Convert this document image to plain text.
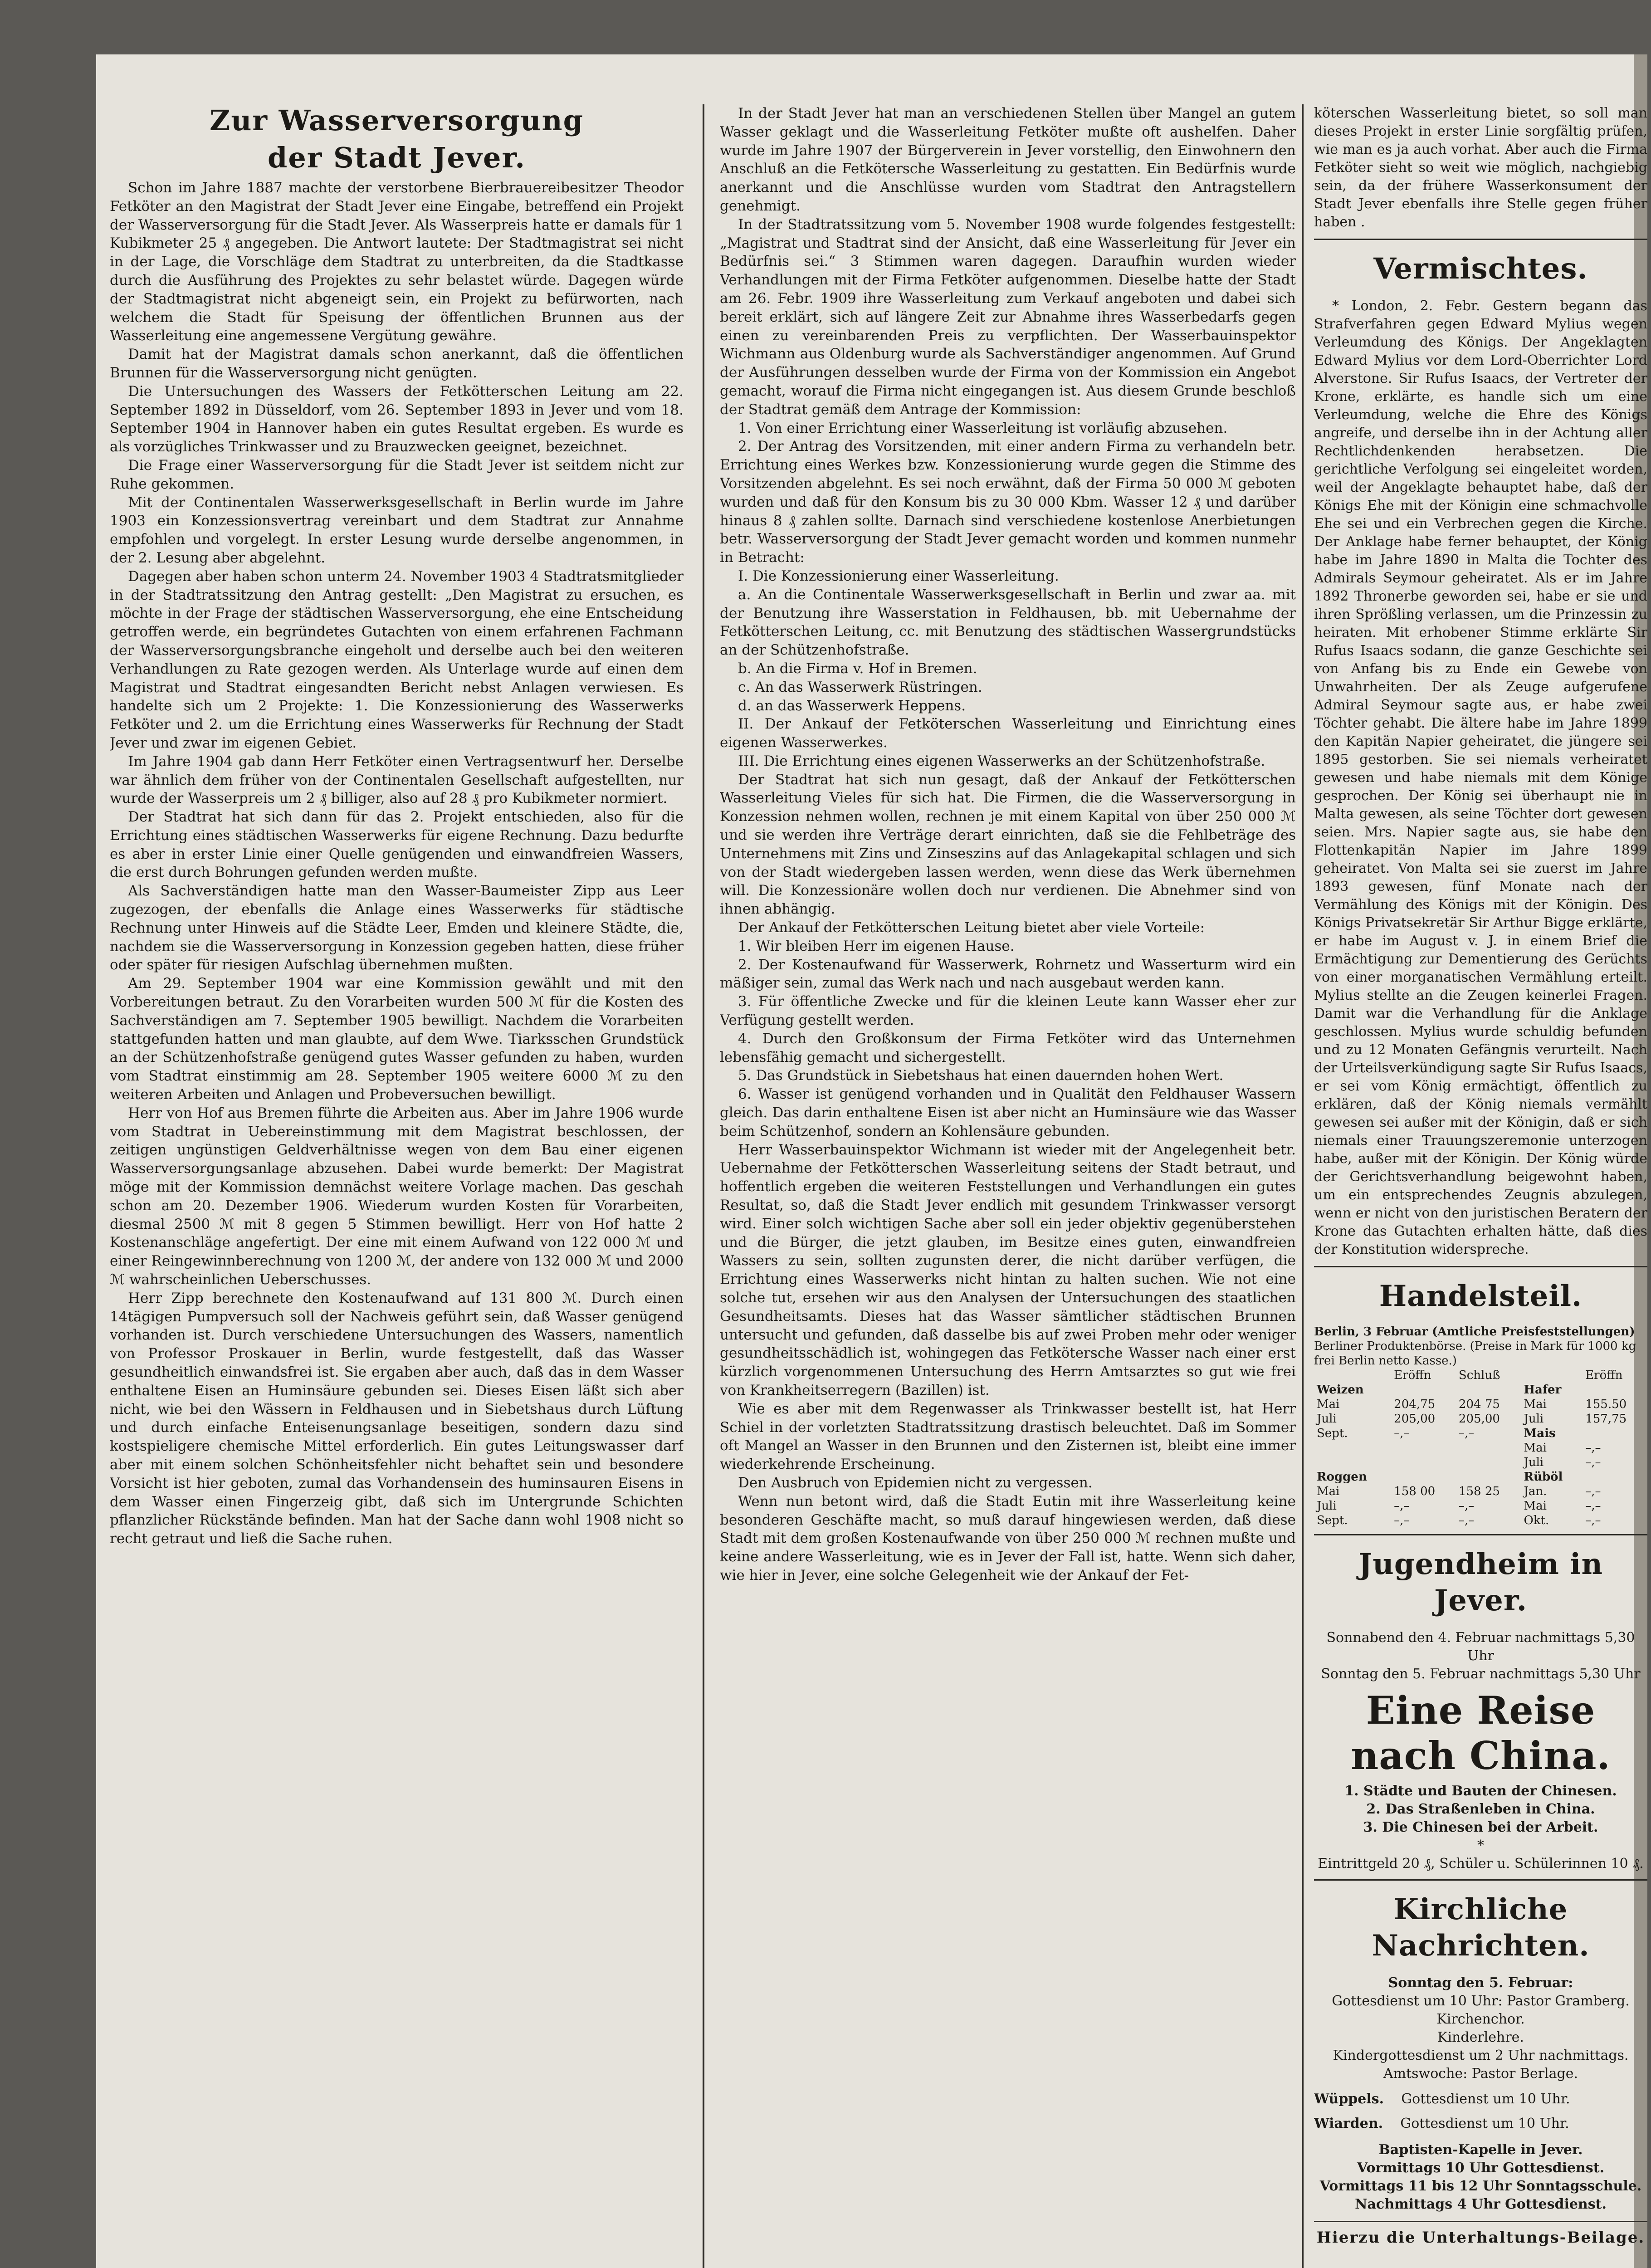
Zur Wasserversorgung
der Stadt Jever.

Schon im Jahre 1887 machte der verstorbene Bierbrauereibesitzer Theodor Fetköter an den Magistrat der Stadt Jever eine Eingabe, betreffend ein Projekt der Wasserversorgung für die Stadt Jever. Als Wasserpreis hatte er damals für 1 Kubikmeter 25 ₰ angegeben. Die Antwort lautete: Der Stadtmagistrat sei nicht in der Lage, die Vorschläge dem Stadtrat zu unterbreiten, da die Stadtkasse durch die Ausführung des Projektes zu sehr belastet würde. Dagegen würde der Stadtmagistrat nicht abgeneigt sein, ein Projekt zu befürworten, nach welchem die Stadt für Speisung der öffentlichen Brunnen aus der Wasserleitung eine angemessene Vergütung gewähre.

Damit hat der Magistrat damals schon anerkannt, daß die öffentlichen Brunnen für die Wasserversorgung nicht genügten.

Die Untersuchungen des Wassers der Fetkötterschen Leitung am 22. September 1892 in Düsseldorf, vom 26. September 1893 in Jever und vom 18. September 1904 in Hannover haben ein gutes Resultat ergeben. Es wurde es als vorzügliches Trinkwasser und zu Brauzwecken geeignet, bezeichnet.

Die Frage einer Wasserversorgung für die Stadt Jever ist seitdem nicht zur Ruhe gekommen.

Mit der Continentalen Wasserwerksgesellschaft in Berlin wurde im Jahre 1903 ein Konzessionsvertrag vereinbart und dem Stadtrat zur Annahme empfohlen und vorgelegt. In erster Lesung wurde derselbe angenommen, in der 2. Lesung aber abgelehnt.

Dagegen aber haben schon unterm 24. November 1903 4 Stadtratsmitglieder in der Stadtratssitzung den Antrag gestellt: „Den Magistrat zu ersuchen, es möchte in der Frage der städtischen Wasserversorgung, ehe eine Entscheidung getroffen werde, ein begründetes Gutachten von einem erfahrenen Fachmann der Wasserversorgungsbranche eingeholt und derselbe auch bei den weiteren Verhandlungen zu Rate gezogen werden. Als Unterlage wurde auf einen dem Magistrat und Stadtrat eingesandten Bericht nebst Anlagen verwiesen. Es handelte sich um 2 Projekte: 1. Die Konzessionierung des Wasserwerks Fetköter und 2. um die Errichtung eines Wasserwerks für Rechnung der Stadt Jever und zwar im eigenen Gebiet.

Im Jahre 1904 gab dann Herr Fetköter einen Vertragsentwurf her. Derselbe war ähnlich dem früher von der Continentalen Gesellschaft aufgestellten, nur wurde der Wasserpreis um 2 ₰ billiger, also auf 28 ₰ pro Kubikmeter normiert.

Der Stadtrat hat sich dann für das 2. Projekt entschieden, also für die Errichtung eines städtischen Wasserwerks für eigene Rechnung. Dazu bedurfte es aber in erster Linie einer Quelle genügenden und einwandfreien Wassers, die erst durch Bohrungen gefunden werden mußte.

Als Sachverständigen hatte man den Wasser-Baumeister Zipp aus Leer zugezogen, der ebenfalls die Anlage eines Wasserwerks für städtische Rechnung unter Hinweis auf die Städte Leer, Emden und kleinere Städte, die, nachdem sie die Wasserversorgung in Konzession gegeben hatten, diese früher oder später für riesigen Aufschlag übernehmen mußten.

Am 29. September 1904 war eine Kommission gewählt und mit den Vorbereitungen betraut. Zu den Vorarbeiten wurden 500 ℳ für die Kosten des Sachverständigen am 7. September 1905 bewilligt. Nachdem die Vorarbeiten stattgefunden hatten und man glaubte, auf dem Wwe. Tiarksschen Grundstück an der Schützenhofstraße genügend gutes Wasser gefunden zu haben, wurden vom Stadtrat einstimmig am 28. September 1905 weitere 6000 ℳ zu den weiteren Arbeiten und Anlagen und Probeversuchen bewilligt.

Herr von Hof aus Bremen führte die Arbeiten aus. Aber im Jahre 1906 wurde vom Stadtrat in Uebereinstimmung mit dem Magistrat beschlossen, der zeitigen ungünstigen Geldverhältnisse wegen von dem Bau einer eigenen Wasserversorgungsanlage abzusehen. Dabei wurde bemerkt: Der Magistrat möge mit der Kommission demnächst weitere Vorlage machen. Das geschah schon am 20. Dezember 1906. Wiederum wurden Kosten für Vorarbeiten, diesmal 2500 ℳ mit 8 gegen 5 Stimmen bewilligt. Herr von Hof hatte 2 Kostenanschläge angefertigt. Der eine mit einem Aufwand von 122 000 ℳ und einer Reingewinnberechnung von 1200 ℳ, der andere von 132 000 ℳ und 2000 ℳ wahrscheinlichen Ueberschusses.

Herr Zipp berechnete den Kostenaufwand auf 131 800 ℳ. Durch einen 14tägigen Pumpversuch soll der Nachweis geführt sein, daß Wasser genügend vorhanden ist. Durch verschiedene Untersuchungen des Wassers, namentlich von Professor Proskauer in Berlin, wurde festgestellt, daß das Wasser gesundheitlich einwandsfrei ist. Sie ergaben aber auch, daß das in dem Wasser enthaltene Eisen an Huminsäure gebunden sei. Dieses Eisen läßt sich aber nicht, wie bei den Wässern in Feldhausen und in Siebetshaus durch Lüftung und durch einfache Enteisenungsanlage beseitigen, sondern dazu sind kostspieligere chemische Mittel erforderlich. Ein gutes Leitungswasser darf aber mit einem solchen Schönheitsfehler nicht behaftet sein und besondere Vorsicht ist hier geboten, zumal das Vorhandensein des huminsauren Eisens in dem Wasser einen Fingerzeig gibt, daß sich im Untergrunde Schichten pflanzlicher Rückstände befinden. Man hat der Sache dann wohl 1908 nicht so recht getraut und ließ die Sache ruhen.

In der Stadt Jever hat man an verschiedenen Stellen über Mangel an gutem Wasser geklagt und die Wasserleitung Fetköter mußte oft aushelfen. Daher wurde im Jahre 1907 der Bürgerverein in Jever vorstellig, den Einwohnern den Anschluß an die Fetkötersche Wasserleitung zu gestatten. Ein Bedürfnis wurde anerkannt und die Anschlüsse wurden vom Stadtrat den Antragstellern genehmigt.

In der Stadtratssitzung vom 5. November 1908 wurde folgendes festgestellt: „Magistrat und Stadtrat sind der Ansicht, daß eine Wasserleitung für Jever ein Bedürfnis sei.“ 3 Stimmen waren dagegen. Daraufhin wurden wieder Verhandlungen mit der Firma Fetköter aufgenommen. Dieselbe hatte der Stadt am 26. Febr. 1909 ihre Wasserleitung zum Verkauf angeboten und dabei sich bereit erklärt, sich auf längere Zeit zur Abnahme ihres Wasserbedarfs gegen einen zu vereinbarenden Preis zu verpflichten. Der Wasserbauinspektor Wichmann aus Oldenburg wurde als Sachverständiger angenommen. Auf Grund der Ausführungen desselben wurde der Firma von der Kommission ein Angebot gemacht, worauf die Firma nicht eingegangen ist. Aus diesem Grunde beschloß der Stadtrat gemäß dem Antrage der Kommission:

1. Von einer Errichtung einer Wasserleitung ist vorläufig abzusehen.

2. Der Antrag des Vorsitzenden, mit einer andern Firma zu verhandeln betr. Errichtung eines Werkes bzw. Konzessionierung wurde gegen die Stimme des Vorsitzenden abgelehnt. Es sei noch erwähnt, daß der Firma 50 000 ℳ geboten wurden und daß für den Konsum bis zu 30 000 Kbm. Wasser 12 ₰ und darüber hinaus 8 ₰ zahlen sollte. Darnach sind verschiedene kostenlose Anerbietungen betr. Wasserversorgung der Stadt Jever gemacht worden und kommen nunmehr in Betracht:

I. Die Konzessionierung einer Wasserleitung.

a. An die Continentale Wasserwerksgesellschaft in Berlin und zwar aa. mit der Benutzung ihre Wasserstation in Feldhausen, bb. mit Uebernahme der Fetkötterschen Leitung, cc. mit Benutzung des städtischen Wassergrundstücks an der Schützenhofstraße.

b. An die Firma v. Hof in Bremen.

c. An das Wasserwerk Rüstringen.

d. an das Wasserwerk Heppens.

II. Der Ankauf der Fetköterschen Wasserleitung und Einrichtung eines eigenen Wasserwerkes.

III. Die Errichtung eines eigenen Wasserwerks an der Schützenhofstraße.

Der Stadtrat hat sich nun gesagt, daß der Ankauf der Fetkötterschen Wasserleitung Vieles für sich hat. Die Firmen, die die Wasserversorgung in Konzession nehmen wollen, rechnen je mit einem Kapital von über 250 000 ℳ und sie werden ihre Verträge derart einrichten, daß sie die Fehlbeträge des Unternehmens mit Zins und Zinseszins auf das Anlagekapital schlagen und sich von der Stadt wiedergeben lassen werden, wenn diese das Werk übernehmen will. Die Konzessionäre wollen doch nur verdienen. Die Abnehmer sind von ihnen abhängig.

Der Ankauf der Fetkötterschen Leitung bietet aber viele Vorteile:

1. Wir bleiben Herr im eigenen Hause.

2. Der Kostenaufwand für Wasserwerk, Rohrnetz und Wasserturm wird ein mäßiger sein, zumal das Werk nach und nach ausgebaut werden kann.

3. Für öffentliche Zwecke und für die kleinen Leute kann Wasser eher zur Verfügung gestellt werden.

4. Durch den Großkonsum der Firma Fetköter wird das Unternehmen lebensfähig gemacht und sichergestellt.

5. Das Grundstück in Siebetshaus hat einen dauernden hohen Wert.

6. Wasser ist genügend vorhanden und in Qualität den Feldhauser Wassern gleich. Das darin enthaltene Eisen ist aber nicht an Huminsäure wie das Wasser beim Schützenhof, sondern an Kohlensäure gebunden.

Herr Wasserbauinspektor Wichmann ist wieder mit der Angelegenheit betr. Uebernahme der Fetkötterschen Wasserleitung seitens der Stadt betraut, und hoffentlich ergeben die weiteren Feststellungen und Verhandlungen ein gutes Resultat, so, daß die Stadt Jever endlich mit gesundem Trinkwasser versorgt wird. Einer solch wichtigen Sache aber soll ein jeder objektiv gegenüberstehen und die Bürger, die jetzt glauben, im Besitze eines guten, einwandfreien Wassers zu sein, sollten zugunsten derer, die nicht darüber verfügen, die Errichtung eines Wasserwerks nicht hintan zu halten suchen. Wie not eine solche tut, ersehen wir aus den Analysen der Untersuchungen des staatlichen Gesundheitsamts. Dieses hat das Wasser sämtlicher städtischen Brunnen untersucht und gefunden, daß dasselbe bis auf zwei Proben mehr oder weniger gesundheitsschädlich ist, wohingegen das Fetkötersche Wasser nach einer erst kürzlich vorgenommenen Untersuchung des Herrn Amtsarztes so gut wie frei von Krankheitserregern (Bazillen) ist.

Wie es aber mit dem Regenwasser als Trinkwasser bestellt ist, hat Herr Schiel in der vorletzten Stadtratssitzung drastisch beleuchtet. Daß im Sommer oft Mangel an Wasser in den Brunnen und den Zisternen ist, bleibt eine immer wiederkehrende Erscheinung.

Den Ausbruch von Epidemien nicht zu vergessen.

Wenn nun betont wird, daß die Stadt Eutin mit ihre Wasserleitung keine besonderen Geschäfte macht, so muß darauf hingewiesen werden, daß diese Stadt mit dem großen Kostenaufwande von über 250 000 ℳ rechnen mußte und keine andere Wasserleitung, wie es in Jever der Fall ist, hatte. Wenn sich daher, wie hier in Jever, eine solche Gelegenheit wie der Ankauf der Fet-

köterschen Wasserleitung bietet, so soll man dieses Projekt in erster Linie sorgfältig prüfen, wie man es ja auch vorhat. Aber auch die Firma Fetköter sieht so weit wie möglich, nachgiebig sein, da der frühere Wasserkonsument der Stadt Jever ebenfalls ihre Stelle gegen früher haben .

Vermischtes.

* London, 2. Febr. Gestern begann das Strafverfahren gegen Edward Mylius wegen Verleumdung des Königs. Der Angeklagten Edward Mylius vor dem Lord-Oberrichter Lord Alverstone. Sir Rufus Isaacs, der Vertreter der Krone, erklärte, es handle sich um eine Verleumdung, welche die Ehre des Königs angreife, und derselbe ihn in der Achtung aller Rechtlichdenkenden herabsetzen. Die gerichtliche Verfolgung sei eingeleitet worden, weil der Angeklagte behauptet habe, daß der Königs Ehe mit der Königin eine schmachvolle Ehe sei und ein Verbrechen gegen die Kirche. Der Anklage habe ferner behauptet, der König habe im Jahre 1890 in Malta die Tochter des Admirals Seymour geheiratet. Als er im Jahre 1892 Thronerbe geworden sei, habe er sie und ihren Sprößling verlassen, um die Prinzessin zu heiraten. Mit erhobener Stimme erklärte Sir Rufus Isaacs sodann, die ganze Geschichte sei von Anfang bis zu Ende ein Gewebe von Unwahrheiten. Der als Zeuge aufgerufene Admiral Seymour sagte aus, er habe zwei Töchter gehabt. Die ältere habe im Jahre 1899 den Kapitän Napier geheiratet, die jüngere sei 1895 gestorben. Sie sei niemals verheiratet gewesen und habe niemals mit dem Könige gesprochen. Der König sei überhaupt nie in Malta gewesen, als seine Töchter dort gewesen seien. Mrs. Napier sagte aus, sie habe den Flottenkapitän Napier im Jahre 1899 geheiratet. Von Malta sei sie zuerst im Jahre 1893 gewesen, fünf Monate nach der Vermählung des Königs mit der Königin. Des Königs Privatsekretär Sir Arthur Bigge erklärte, er habe im August v. J. in einem Brief die Ermächtigung zur Dementierung des Gerüchts von einer morganatischen Vermählung erteilt. Mylius stellte an die Zeugen keinerlei Fragen. Damit war die Verhandlung für die Anklage geschlossen. Mylius wurde schuldig befunden und zu 12 Monaten Gefängnis verurteilt. Nach der Urteilsverkündigung sagte Sir Rufus Isaacs, er sei vom König ermächtigt, öffentlich zu erklären, daß der König niemals vermählt gewesen sei außer mit der Königin, daß er sich niemals einer Trauungszeremonie unterzogen habe, außer mit der Königin. Der König würde der Gerichtsverhandlung beigewohnt haben, um ein entsprechendes Zeugnis abzulegen, wenn er nicht von den juristischen Beratern der Krone das Gutachten erhalten hätte, daß dies der Konstitution widerspreche.

Handelsteil.
Berlin, 3 Februar (Amtliche Preisfeststellungen)
Berliner Produktenbörse. (Preise in Mark für 1000 kg
frei Berlin netto Kasse.)
	Eröffn	Schluß		Eröffn
Weizen			Hafer	
Mai	204,75	204 75	Mai	155.50
Juli	205,00	205,00	Juli	157,75
Sept.	–,–	–,–	Mais	
			Mai	–,–
			Juli	–,–
Roggen			Rüböl	
Mai	158 00	158 25	Jan.	–,–
Juli	–,–	–,–	Mai	–,–
Sept.	–,–	–,–	Okt.	–,–
Jugendheim in Jever.

Sonnabend den 4. Februar nachmittags 5,30 Uhr

Sonntag den 5. Februar nachmittags 5,30 Uhr

Eine Reise nach China.

1. Städte und Bauten der Chinesen.

2. Das Straßenleben in China.

3. Die Chinesen bei der Arbeit.

*

Eintrittgeld 20 ₰, Schüler u. Schülerinnen 10 ₰.

Kirchliche Nachrichten.

Sonntag den 5. Februar:

Gottesdienst um 10 Uhr: Pastor Gramberg.

Kirchenchor.

Kinderlehre.

Kindergottesdienst um 2 Uhr nachmittags.

Amtswoche: Pastor Berlage.

Wüppels. Gottesdienst um 10 Uhr.

Wiarden. Gottesdienst um 10 Uhr.

Baptisten-Kapelle in Jever.

Vormittags 10 Uhr Gottesdienst.

Vormittags 11 bis 12 Uhr Sonntagsschule.

Nachmittags 4 Uhr Gottesdienst.

Hierzu die Unterhaltungs-Beilage.
